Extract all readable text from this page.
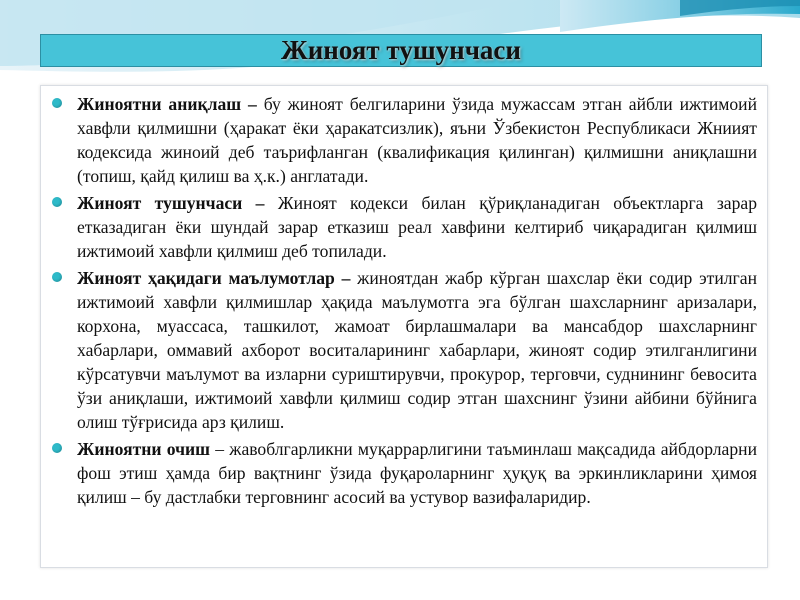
Жиноят тушунчаси
Жиноятни аниқлаш – бу жиноят белгиларини ўзида мужассам этган айбли ижтимоий хавфли қилмишни (ҳаракат ёки ҳаракатсизлик), яъни Ўзбекистон Республикаси Жниият кодексида жиноий деб таърифланган (квалификация қилинган) қилмишни аниқлашни (топиш, қайд қилиш ва ҳ.к.) англатади.
Жиноят тушунчаси – Жиноят кодекси билан қўриқланадиган объектларга зарар етказадиган ёки шундай зарар етказиш реал хавфини келтириб чиқарадиган қилмиш ижтимоий хавфли қилмиш деб топилади.
Жиноят ҳақидаги маълумотлар – жиноятдан жабр кўрган шахслар ёки содир этилган ижтимоий хавфли қилмишлар ҳақида маълумотга эга бўлган шахсларнинг аризалари, корхона, муассаса, ташкилот, жамоат бирлашмалари ва мансабдор шахсларнинг хабарлари, оммавий ахборот воситаларининг хабарлари, жиноят содир этилганлигини кўрсатувчи маълумот ва изларни суриштирувчи, прокурор, терговчи, суднининг бевосита ўзи аниқлаши, ижтимоий хавфли қилмиш содир этган шахснинг ўзини айбини бўйнига олиш тўғрисида арз қилиш.
Жиноятни очиш – жавоблгарликни муқаррарлигини таъминлаш мақсадида айбдорларни фош этиш ҳамда бир вақтнинг ўзида фуқароларнинг ҳуқуқ ва эркинликларини ҳимоя қилиш – бу дастлабки терговнинг асосий ва устувор вазифаларидир.
